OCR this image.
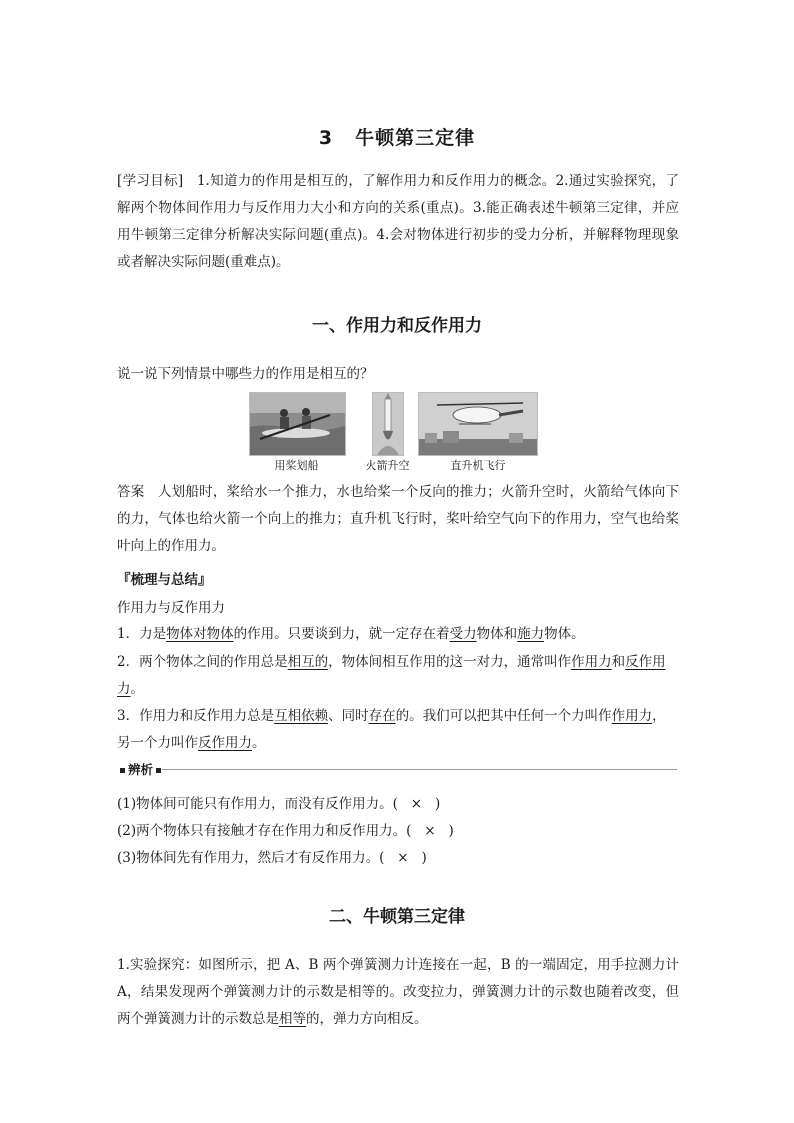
3 牛顿第三定律
[学习目标]   1.知道力的作用是相互的，了解作用力和反作用力的概念。2.通过实验探究，了解两个物体间作用力与反作用力大小和方向的关系(重点)。3.能正确表述牛顿第三定律，并应用牛顿第三定律分析解决实际问题(重点)。4.会对物体进行初步的受力分析，并解释物理现象或者解决实际问题(重难点)。
一、作用力和反作用力
说一说下列情景中哪些力的作用是相互的？
用桨划船	火箭升空	直升机飞行
答案   人划船时，桨给水一个推力，水也给桨一个反向的推力；火箭升空时，火箭给气体向下的力，气体也给火箭一个向上的推力；直升机飞行时，桨叶给空气向下的作用力，空气也给桨叶向上的作用力。
『梳理与总结』
作用力与反作用力
1．力是物体对物体的作用。只要谈到力，就一定存在着受力物体和施力物体。
2．两个物体之间的作用总是相互的，物体间相互作用的这一对力，通常叫作作用力和反作用
力。
3．作用力和反作用力总是互相依赖、同时存在的。我们可以把其中任何一个力叫作作用力，
另一个力叫作反作用力。
辨析
(1)物体间可能只有作用力，而没有反作用力。(   ×   )
(2)两个物体只有接触才存在作用力和反作用力。(   ×   )
(3)物体间先有作用力，然后才有反作用力。(   ×   )
二、牛顿第三定律
1.实验探究：如图所示，把 A、B 两个弹簧测力计连接在一起，B 的一端固定，用手拉测力计 A，结果发现两个弹簧测力计的示数是相等的。改变拉力，弹簧测力计的示数也随着改变，但两个弹簧测力计的示数总是相等的，弹力方向相反。
